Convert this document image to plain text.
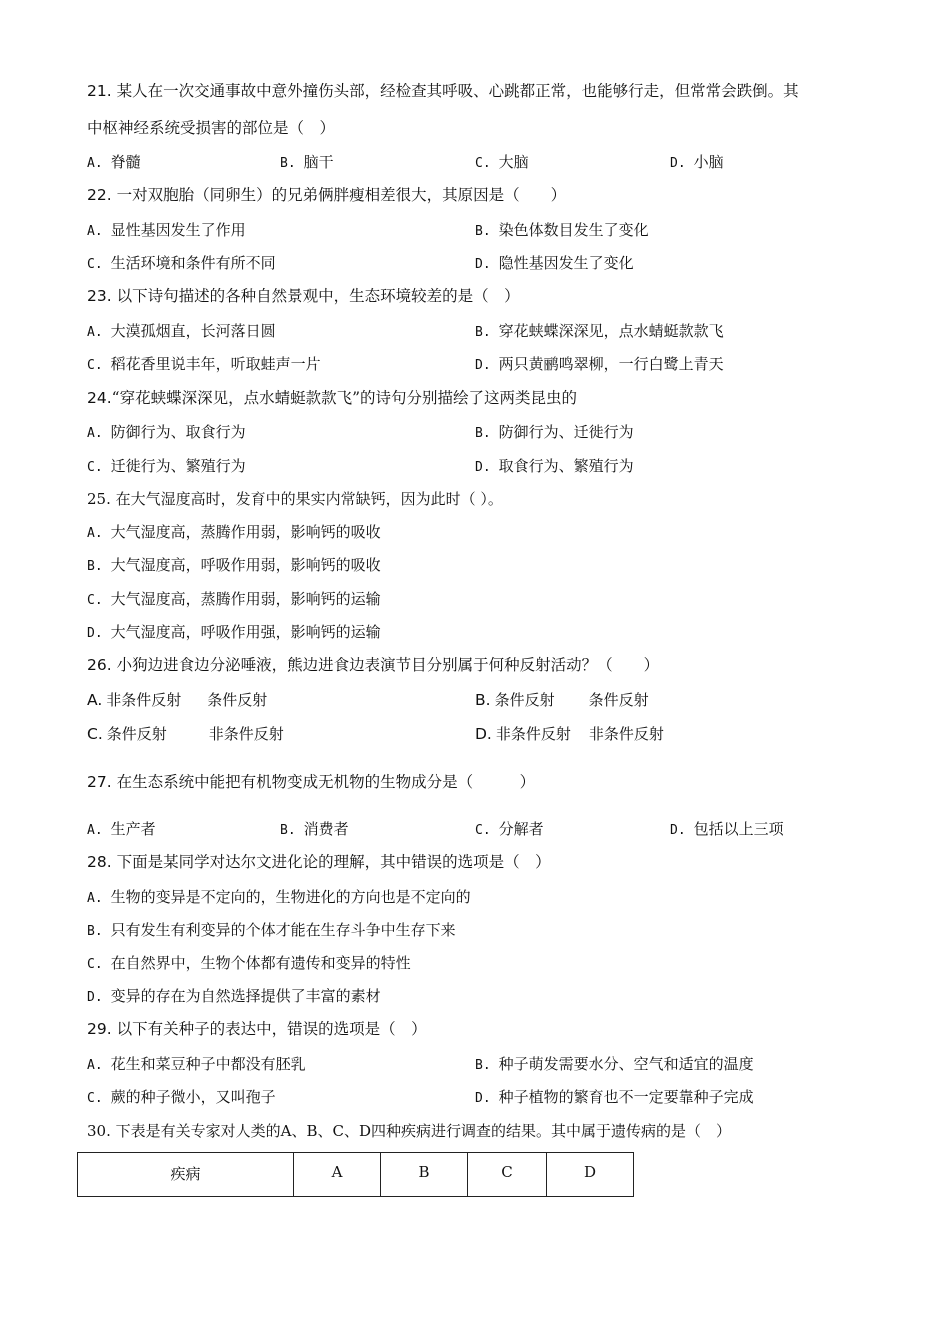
21. 某人在一次交通事故中意外撞伤头部，经检查其呼吸、心跳都正常，也能够行走，但常常会跌倒。其
中枢神经系统受损害的部位是（　）
A. 脊髓	B. 脑干	C. 大脑	D. 小脑
22. 一对双胞胎（同卵生）的兄弟俩胖瘦相差很大，其原因是（　　）
A. 显性基因发生了作用	B. 染色体数目发生了变化
C. 生活环境和条件有所不同	D. 隐性基因发生了变化
23. 以下诗句描述的各种自然景观中，生态环境较差的是（　）
A. 大漠孤烟直，长河落日圆	B. 穿花蛱蝶深深见，点水蜻蜓款款飞
C. 稻花香里说丰年，听取蛙声一片	D. 两只黄鹂鸣翠柳，一行白鹭上青天
24.“穿花蛱蝶深深见，点水蜻蜓款款飞”的诗句分别描绘了这两类昆虫的
A. 防御行为、取食行为	B. 防御行为、迁徙行为
C. 迁徙行为、繁殖行为	D. 取食行为、繁殖行为
25. 在大气湿度高时，发育中的果实内常缺钙，因为此时（ ）。
A. 大气湿度高，蒸腾作用弱，影响钙的吸收
B. 大气湿度高，呼吸作用弱，影响钙的吸收
C. 大气湿度高，蒸腾作用弱，影响钙的运输
D. 大气湿度高，呼吸作用强，影响钙的运输
26. 小狗边进食边分泌唾液，熊边进食边表演节目分别属于何种反射活动？（　　）
A. 非条件反射 条件反射	B. 条件反射 条件反射
C. 条件反射	非条件反射	D. 非条件反射 非条件反射
27. 在生态系统中能把有机物变成无机物的生物成分是（　　　）
A. 生产者	B. 消费者	C. 分解者	D. 包括以上三项
28. 下面是某同学对达尔文进化论的理解，其中错误的选项是（　）
A. 生物的变异是不定向的，生物进化的方向也是不定向的
B. 只有发生有利变异的个体才能在生存斗争中生存下来
C. 在自然界中，生物个体都有遗传和变异的特性
D. 变异的存在为自然选择提供了丰富的素材
29. 以下有关种子的表达中，错误的选项是（　）
A. 花生和菜豆种子中都没有胚乳	B. 种子萌发需要水分、空气和适宜的温度
C. 蕨的种子微小，又叫孢子	D. 种子植物的繁育也不一定要靠种子完成
30. 下表是有关专家对人类的A、B、C、D四种疾病进行调查的结果。其中属于遗传病的是（　）
疾病	A	B	C	D
